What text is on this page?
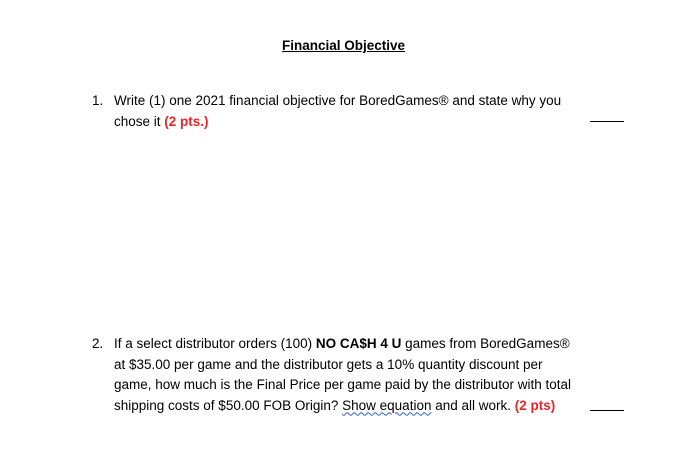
Financial Objective
1. Write (1) one 2021 financial objective for BoredGames® and state why you chose it (2 pts.)
2. If a select distributor orders (100) NO CA$H 4 U games from BoredGames® at $35.00 per game and the distributor gets a 10% quantity discount per game, how much is the Final Price per game paid by the distributor with total shipping costs of $50.00 FOB Origin? Show equation and all work. (2 pts)
